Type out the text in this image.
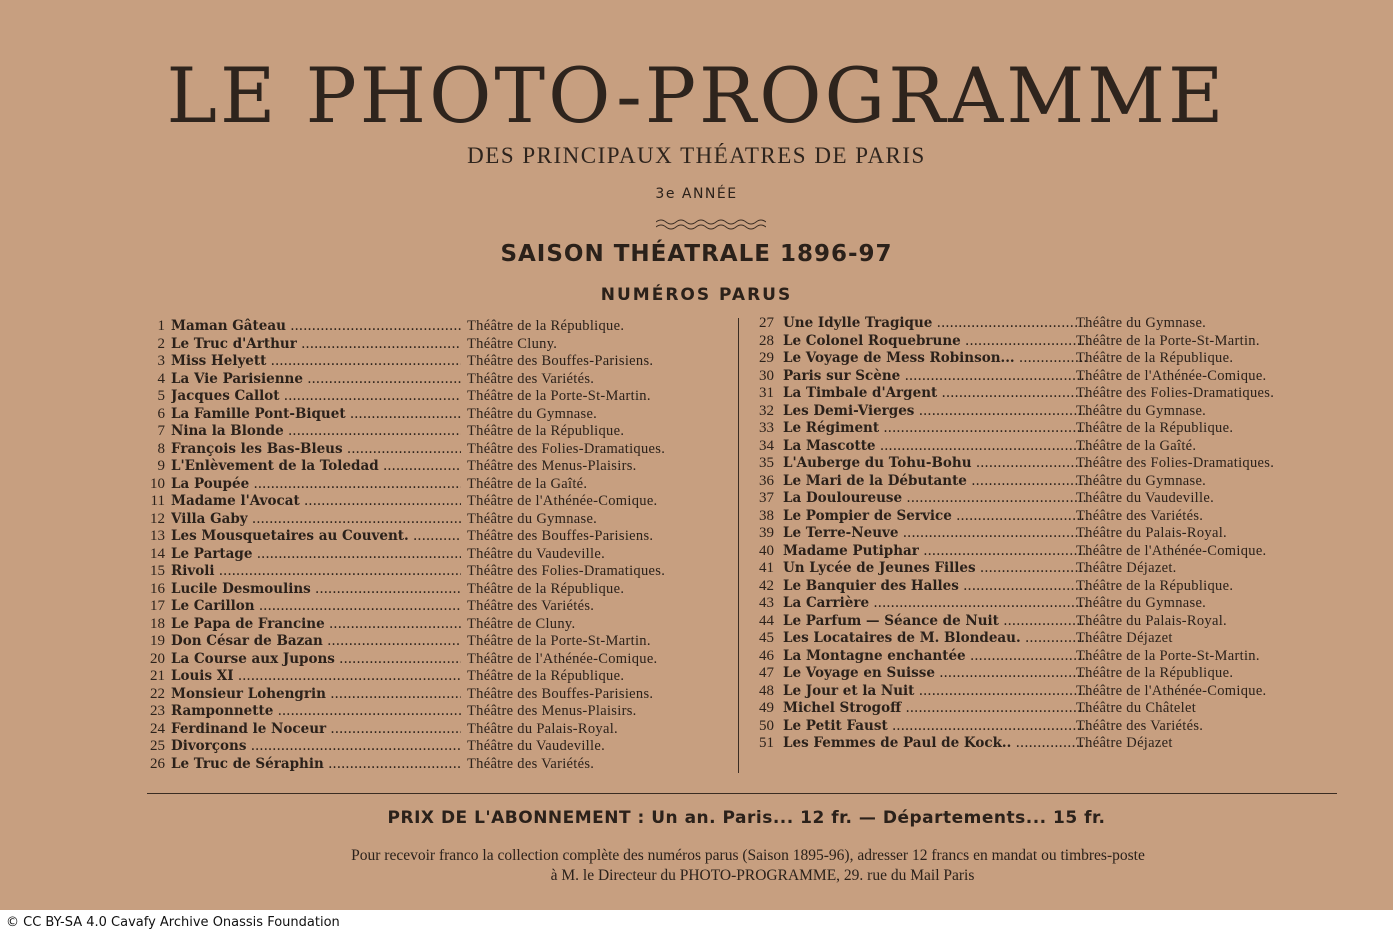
LE PHOTO-PROGRAMME
DES PRINCIPAUX THÉATRES DE PARIS
3e ANNÉE
SAISON THÉATRALE 1896-97
NUMÉROS PARUS
1 Maman Gâteau .....	Théâtre de la République.
2 Le Truc d'Arthur .....	Théâtre Cluny.
3 Miss Helyett .....	Théâtre des Bouffes-Parisiens.
4 La Vie Parisienne .....	Théâtre des Variétés.
5 Jacques Callot .....	Théâtre de la Porte-St-Martin.
6 La Famille Pont-Biquet .....	Théâtre du Gymnase.
7 Nina la Blonde .....	Théâtre de la République.
8 François les Bas-Bleus .....	Théâtre des Folies-Dramatiques.
9 L'Enlèvement de la Toledad .....	Théâtre des Menus-Plaisirs.
10 La Poupée .....	Théâtre de la Gaîté.
11 Madame l'Avocat .....	Théâtre de l'Athénée-Comique.
12 Villa Gaby .....	Théâtre du Gymnase.
13 Les Mousquetaires au Couvent. .....	Théâtre des Bouffes-Parisiens.
14 Le Partage .....	Théâtre du Vaudeville.
15 Rivoli .....	Théâtre des Folies-Dramatiques.
16 Lucile Desmoulins .....	Théâtre de la République.
17 Le Carillon .....	Théâtre des Variétés.
18 Le Papa de Francine .....	Théâtre de Cluny.
19 Don César de Bazan .....	Théâtre de la Porte-St-Martin.
20 La Course aux Jupons .....	Théâtre de l'Athénée-Comique.
21 Louis XI .....	Théâtre de la République.
22 Monsieur Lohengrin .....	Théâtre des Bouffes-Parisiens.
23 Ramponnette .....	Théâtre des Menus-Plaisirs.
24 Ferdinand le Noceur .....	Théâtre du Palais-Royal.
25 Divorçons .....	Théâtre du Vaudeville.
26 Le Truc de Séraphin .....	Théâtre des Variétés.
27 Une Idylle Tragique .....	Théâtre du Gymnase.
28 Le Colonel Roquebrune .....	Théâtre de la Porte-St-Martin.
29 Le Voyage de Mess Robinson... .....	Théâtre de la République.
30 Paris sur Scène .....	Théâtre de l'Athénée-Comique.
31 La Timbale d'Argent .....	Théâtre des Folies-Dramatiques.
32 Les Demi-Vierges .....	Théâtre du Gymnase.
33 Le Régiment .....	Théâtre de la République.
34 La Mascotte .....	Théâtre de la Gaîté.
35 L'Auberge du Tohu-Bohu .....	Théâtre des Folies-Dramatiques.
36 Le Mari de la Débutante .....	Théâtre du Gymnase.
37 La Douloureuse .....	Théâtre du Vaudeville.
38 Le Pompier de Service .....	Théâtre des Variétés.
39 Le Terre-Neuve .....	Théâtre du Palais-Royal.
40 Madame Putiphar .....	Théâtre de l'Athénée-Comique.
41 Un Lycée de Jeunes Filles .....	Théâtre Déjazet.
42 Le Banquier des Halles .....	Théâtre de la République.
43 La Carrière .....	Théâtre du Gymnase.
44 Le Parfum — Séance de Nuit .....	Théâtre du Palais-Royal.
45 Les Locataires de M. Blondeau. .....	Théâtre Déjazet
46 La Montagne enchantée .....	Théâtre de la Porte-St-Martin.
47 Le Voyage en Suisse .....	Théâtre de la République.
48 Le Jour et la Nuit .....	Théâtre de l'Athénée-Comique.
49 Michel Strogoff .....	Théâtre du Châtelet
50 Le Petit Faust .....	Théâtre des Variétés.
51 Les Femmes de Paul de Kock.. .....	Théâtre Déjazet
PRIX DE L'ABONNEMENT : Un an. Paris... 12 fr. — Départements... 15 fr.
Pour recevoir franco la collection complète des numéros parus (Saison 1895-96), adresser 12 francs en mandat ou timbres-poste
à M. le Directeur du PHOTO-PROGRAMME, 29. rue du Mail Paris
© CC BY-SA 4.0 Cavafy Archive Onassis Foundation
